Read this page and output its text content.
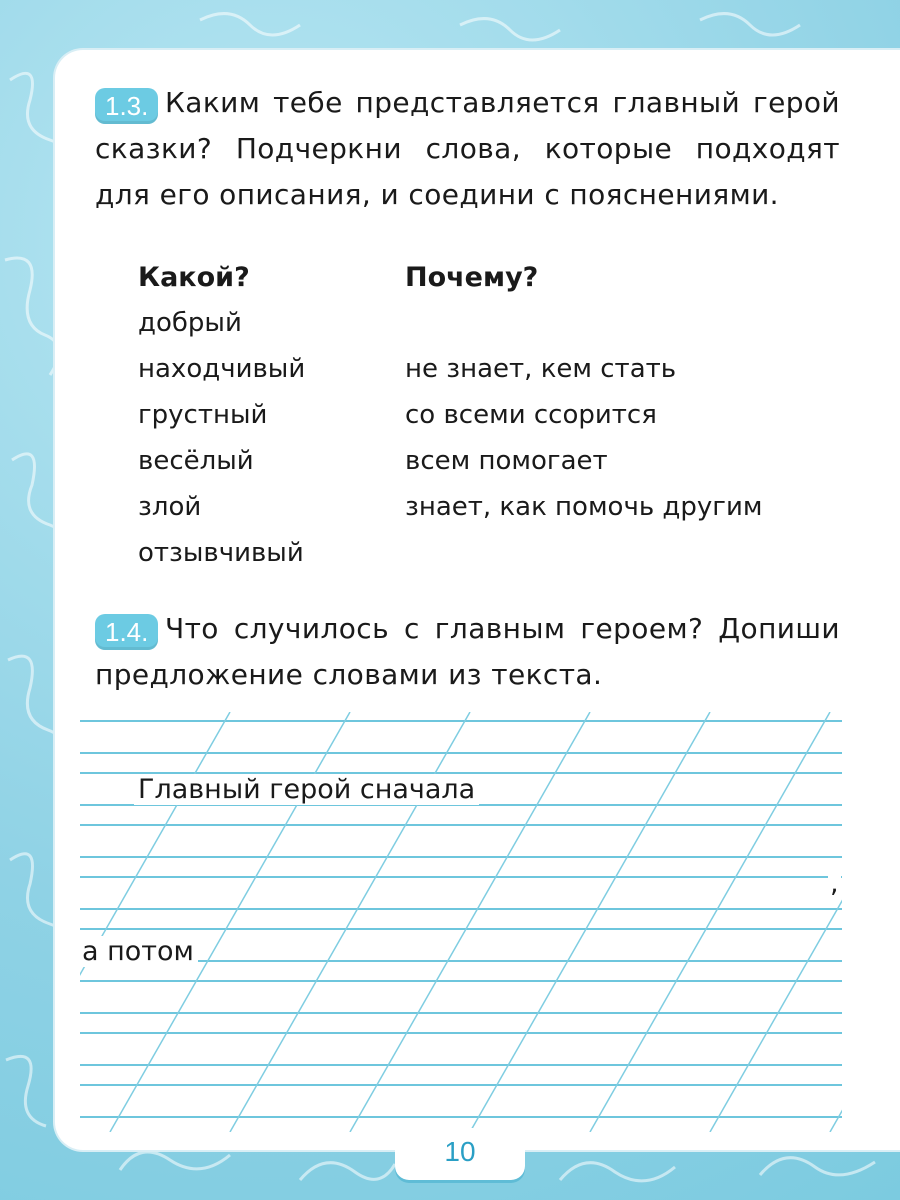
1.3. Каким тебе представляется главный герой сказки? Подчеркни слова, которые подходят для его описания, и соедини с пояснениями.
Какой?	Почему?
добрый
находчивый
грустный
весёлый
злой
отзывчивый
не знает, кем стать
со всеми ссорится
всем помогает
знает, как помочь другим
1.4. Что случилось с главным героем? Допиши предложение словами из текста.
Главный герой сначала
,
а потом
10
